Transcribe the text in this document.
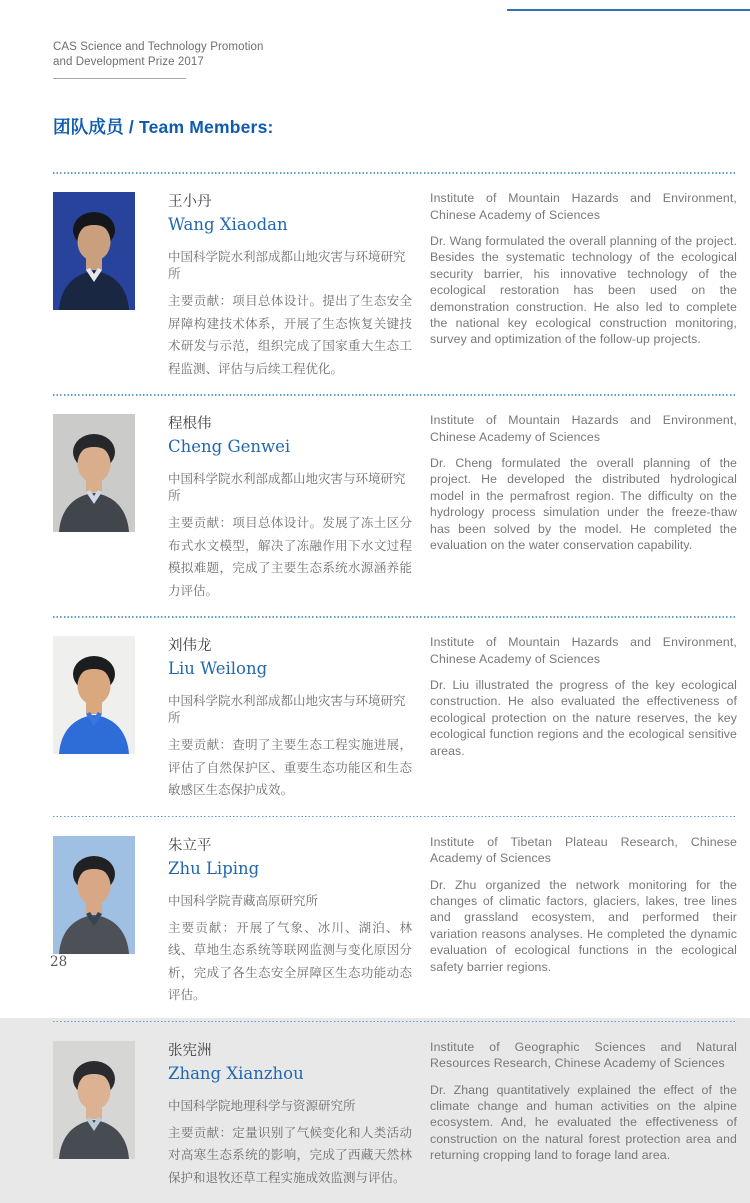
CAS Science and Technology Promotion
and Development Prize 2017
团队成员 / Team Members:
王小丹
Wang Xiaodan
中国科学院水利部成都山地灾害与环境研究所
主要贡献：项目总体设计。提出了生态安全屏障构建技术体系，开展了生态恢复关键技术研发与示范，组织完成了国家重大生态工程监测、评估与后续工程优化。
Institute of Mountain Hazards and Environment, Chinese Academy of Sciences
Dr. Wang formulated the overall planning of the project. Besides the systematic technology of the ecological security barrier, his innovative technology of the ecological restoration has been used on the demonstration construction. He also led to complete the national key ecological construction monitoring, survey and optimization of the follow-up projects.
程根伟
Cheng Genwei
中国科学院水利部成都山地灾害与环境研究所
主要贡献：项目总体设计。发展了冻土区分布式水文模型，解决了冻融作用下水文过程模拟难题，完成了主要生态系统水源涵养能力评估。
Institute of Mountain Hazards and Environment, Chinese Academy of Sciences
Dr. Cheng formulated the overall planning of the project. He developed the distributed hydrological model in the permafrost region. The difficulty on the hydrology process simulation under the freeze-thaw has been solved by the model. He completed the evaluation on the water conservation capability.
刘伟龙
Liu Weilong
中国科学院水利部成都山地灾害与环境研究所
主要贡献：查明了主要生态工程实施进展，评估了自然保护区、重要生态功能区和生态敏感区生态保护成效。
Institute of Mountain Hazards and Environment, Chinese Academy of Sciences
Dr. Liu illustrated the progress of the key ecological construction. He also evaluated the effectiveness of ecological protection on the nature reserves, the key ecological function regions and the ecological sensitive areas.
朱立平
Zhu Liping
中国科学院青藏高原研究所
主要贡献：开展了气象、冰川、湖泊、林线、草地生态系统等联网监测与变化原因分析，完成了各生态安全屏障区生态功能动态评估。
Institute of Tibetan Plateau Research, Chinese Academy of Sciences
Dr. Zhu organized the network monitoring for the changes of climatic factors, glaciers, lakes, tree lines and grassland ecosystem, and performed their variation reasons analyses. He completed the dynamic evaluation of ecological functions in the ecological safety barrier regions.
张宪洲
Zhang Xianzhou
中国科学院地理科学与资源研究所
主要贡献：定量识别了气候变化和人类活动对高寒生态系统的影响，完成了西藏天然林保护和退牧还草工程实施成效监测与评估。
Institute of Geographic Sciences and Natural Resources Research, Chinese Academy of Sciences
Dr. Zhang quantitatively explained the effect of the climate change and human activities on the alpine ecosystem. And, he evaluated the effectiveness of construction on the natural forest protection area and returning cropping land to forage land area.
28
